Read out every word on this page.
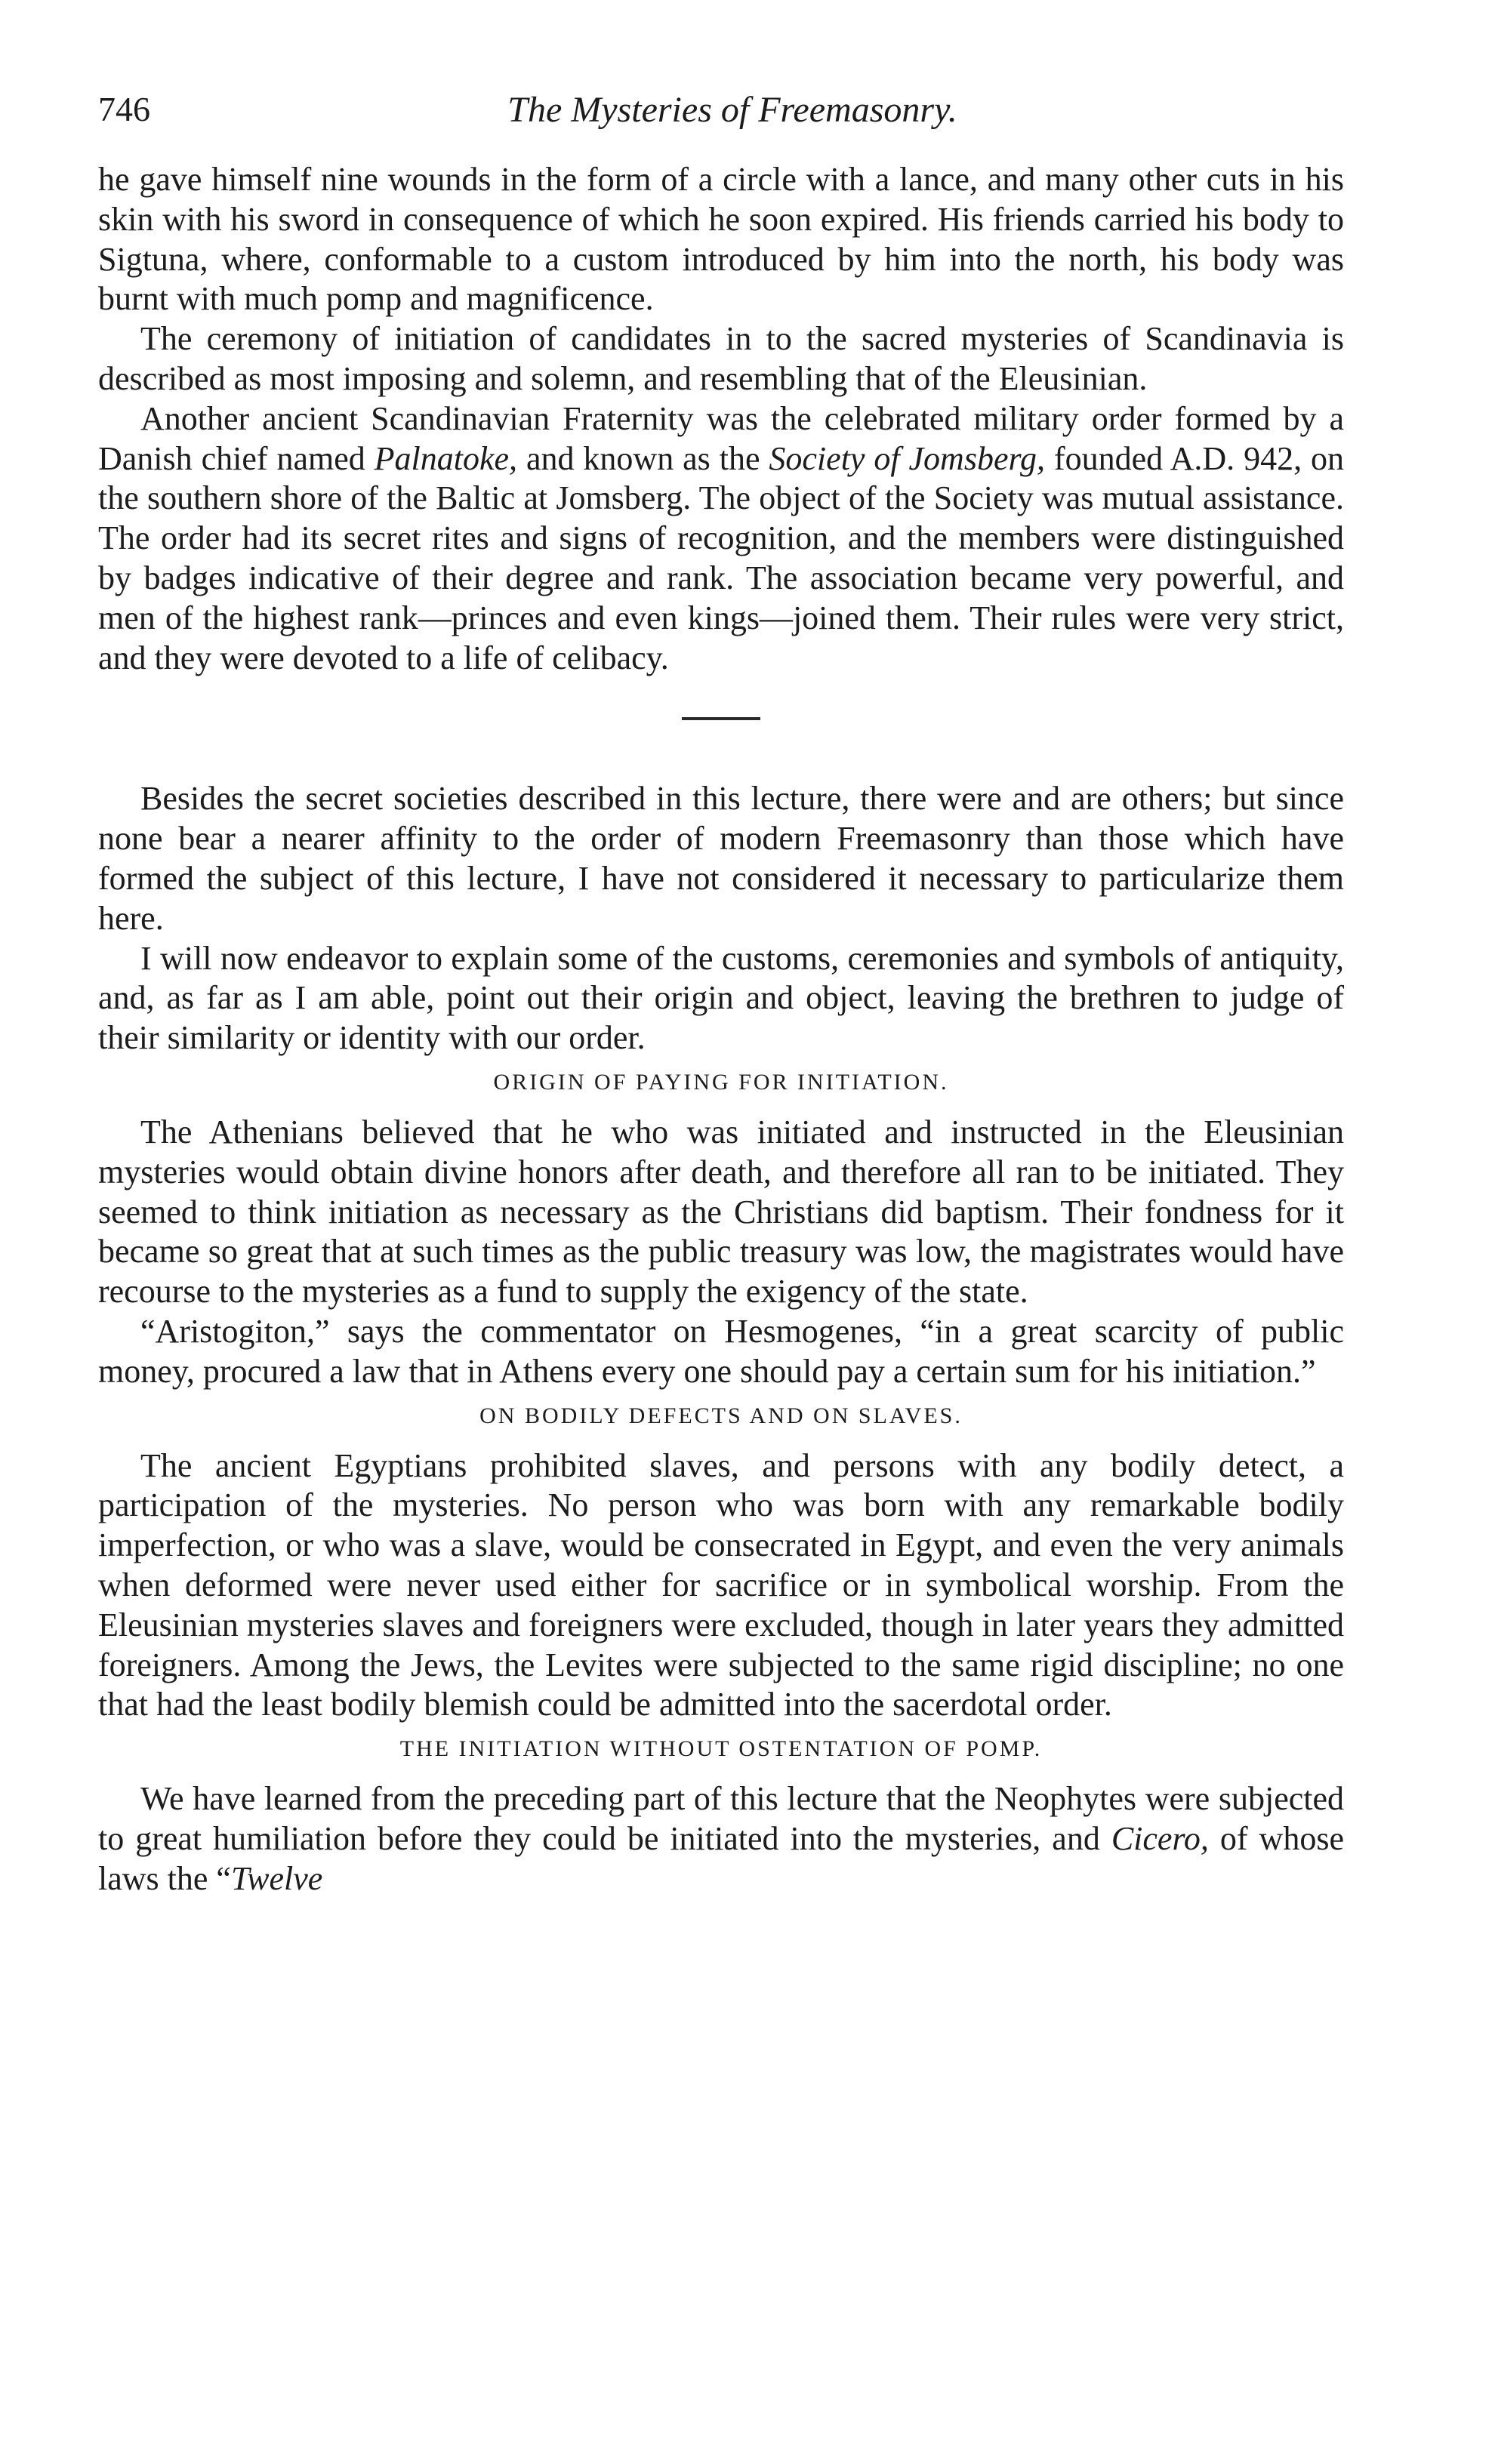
746	The Mysteries of Freemasonry.

he gave himself nine wounds in the form of a circle with a lance, and many other cuts in his skin with his sword in consequence of which he soon expired. His friends carried his body to Sigtuna, where, conformable to a custom introduced by him into the north, his body was burnt with much pomp and magnificence.

The ceremony of initiation of candidates in to the sacred mysteries of Scandinavia is described as most imposing and solemn, and resembling that of the Eleusinian.

Another ancient Scandinavian Fraternity was the celebrated military order formed by a Danish chief named Palnatoke, and known as the Society of Jomsberg, founded A.D. 942, on the southern shore of the Baltic at Jomsberg. The object of the Society was mutual assistance. The order had its secret rites and signs of recognition, and the members were distinguished by badges indicative of their degree and rank. The association became very powerful, and men of the highest rank—princes and even kings—joined them. Their rules were very strict, and they were devoted to a life of celibacy.

Besides the secret societies described in this lecture, there were and are others; but since none bear a nearer affinity to the order of modern Freemasonry than those which have formed the subject of this lecture, I have not considered it necessary to particularize them here.

I will now endeavor to explain some of the customs, ceremonies and symbols of antiquity, and, as far as I am able, point out their origin and object, leaving the brethren to judge of their similarity or identity with our order.

ORIGIN OF PAYING FOR INITIATION.

The Athenians believed that he who was initiated and instructed in the Eleusinian mysteries would obtain divine honors after death, and therefore all ran to be initiated. They seemed to think initiation as necessary as the Christians did baptism. Their fondness for it became so great that at such times as the public treasury was low, the magistrates would have recourse to the mysteries as a fund to supply the exigency of the state.

“Aristogiton,” says the commentator on Hesmogenes, “in a great scarcity of public money, procured a law that in Athens every one should pay a certain sum for his initiation.”

ON BODILY DEFECTS AND ON SLAVES.

The ancient Egyptians prohibited slaves, and persons with any bodily detect, a participation of the mysteries. No person who was born with any remarkable bodily imperfection, or who was a slave, would be consecrated in Egypt, and even the very animals when deformed were never used either for sacrifice or in symbolical worship. From the Eleusinian mysteries slaves and foreigners were excluded, though in later years they admitted foreigners. Among the Jews, the Levites were subjected to the same rigid discipline; no one that had the least bodily blemish could be admitted into the sacerdotal order.

THE INITIATION WITHOUT OSTENTATION OF POMP.

We have learned from the preceding part of this lecture that the Neophytes were subjected to great humiliation before they could be initiated into the mysteries, and Cicero, of whose laws the “Twelve
